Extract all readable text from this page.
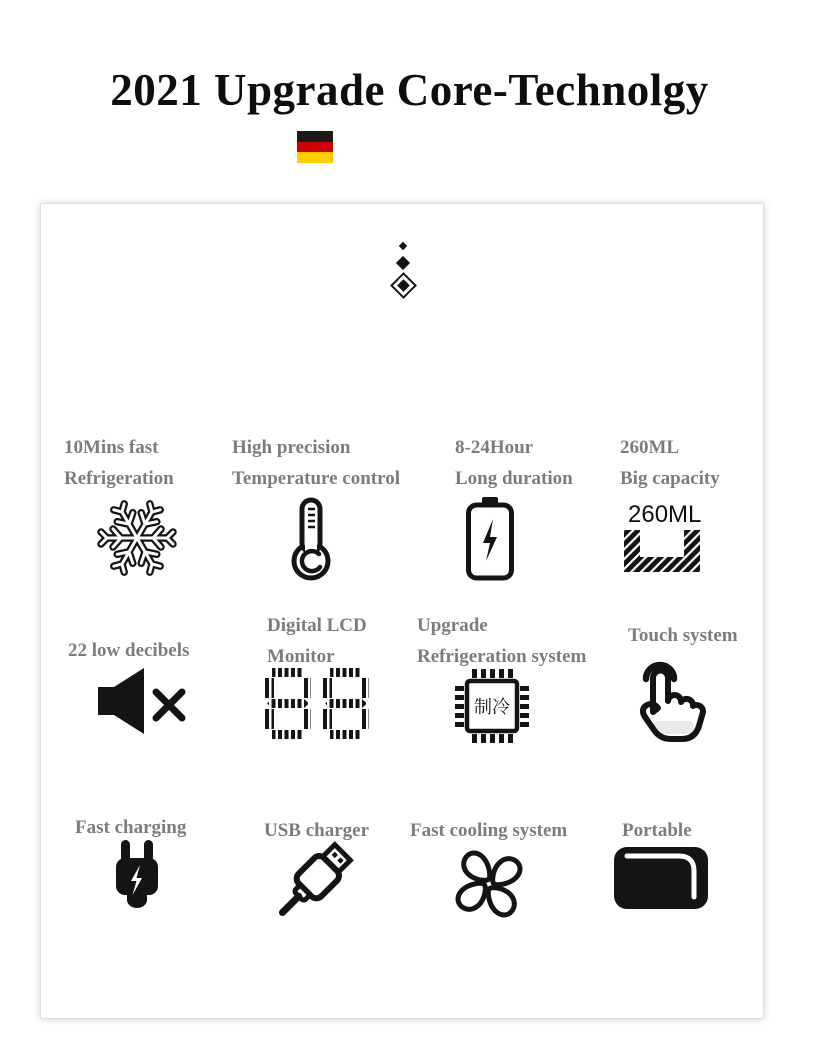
2021 Upgrade Core-Technolgy
10Mins fast
Refrigeration
High precision
Temperature control
8-24Hour
Long duration
260ML
Big capacity
260ML
22 low decibels
Digital LCD
Monitor
Upgrade
Refrigeration system
制冷
Touch system
Fast charging	USB charger	Fast cooling system	Portable
